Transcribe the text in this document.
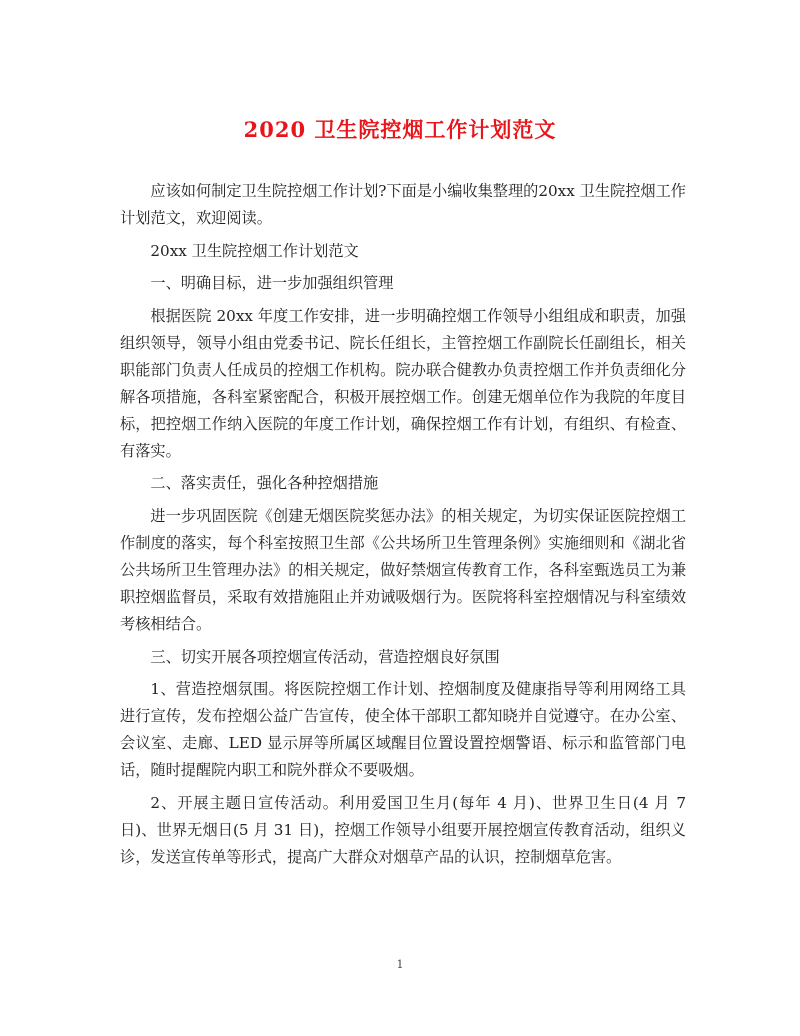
2020 卫生院控烟工作计划范文

应该如何制定卫生院控烟工作计划?下面是小编收集整理的20xx 卫生院控烟工作计划范文，欢迎阅读。

20xx 卫生院控烟工作计划范文

一、明确目标，进一步加强组织管理

根据医院 20xx 年度工作安排，进一步明确控烟工作领导小组组成和职责，加强组织领导，领导小组由党委书记、院长任组长，主管控烟工作副院长任副组长，相关职能部门负责人任成员的控烟工作机构。院办联合健教办负责控烟工作并负责细化分解各项措施，各科室紧密配合，积极开展控烟工作。创建无烟单位作为我院的年度目标，把控烟工作纳入医院的年度工作计划，确保控烟工作有计划，有组织、有检查、有落实。

二、落实责任，强化各种控烟措施

进一步巩固医院《创建无烟医院奖惩办法》的相关规定，为切实保证医院控烟工作制度的落实，每个科室按照卫生部《公共场所卫生管理条例》实施细则和《湖北省公共场所卫生管理办法》的相关规定，做好禁烟宣传教育工作，各科室甄选员工为兼职控烟监督员，采取有效措施阻止并劝诫吸烟行为。医院将科室控烟情况与科室绩效考核相结合。

三、切实开展各项控烟宣传活动，营造控烟良好氛围

1、营造控烟氛围。将医院控烟工作计划、控烟制度及健康指导等利用网络工具进行宣传，发布控烟公益广告宣传，使全体干部职工都知晓并自觉遵守。在办公室、会议室、走廊、LED 显示屏等所属区域醒目位置设置控烟警语、标示和监管部门电话，随时提醒院内职工和院外群众不要吸烟。

2、开展主题日宣传活动。利用爱国卫生月(每年 4 月)、世界卫生日(4 月 7 日)、世界无烟日(5 月 31 日)，控烟工作领导小组要开展控烟宣传教育活动，组织义诊，发送宣传单等形式，提高广大群众对烟草产品的认识，控制烟草危害。

1
